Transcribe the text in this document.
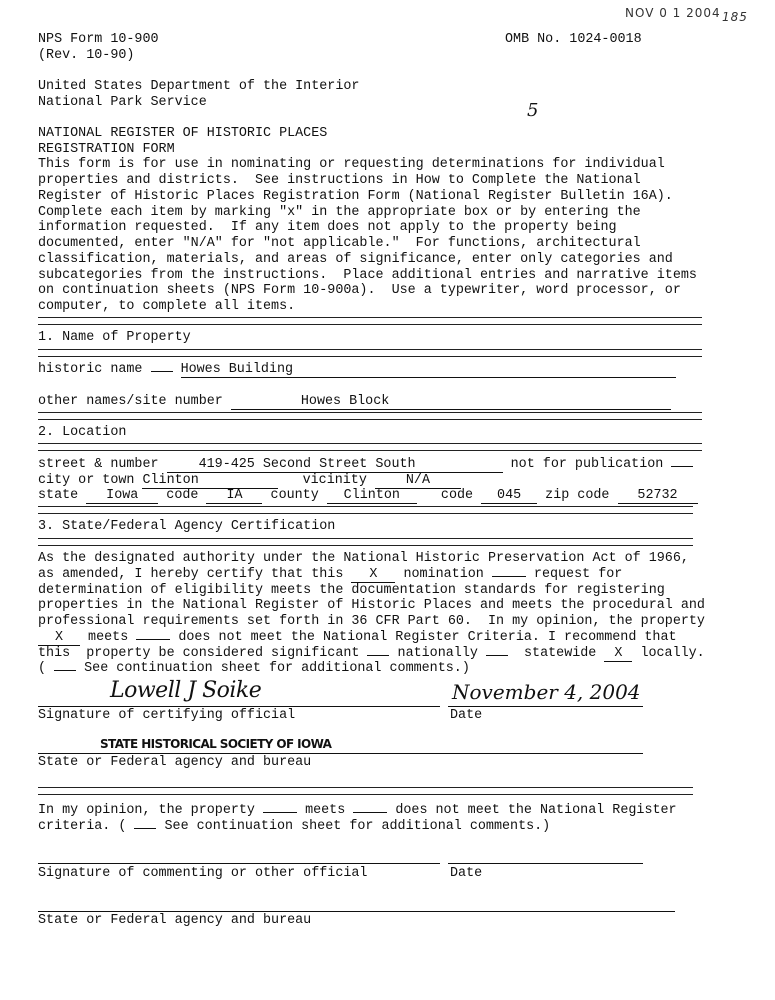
NPS Form 10-900
(Rev. 10-90)
OMB No. 1024-0018
NOV 0 1 2004 185
5
United States Department of the Interior
National Park Service
NATIONAL REGISTER OF HISTORIC PLACES
REGISTRATION FORM
This form is for use in nominating or requesting determinations for individual
properties and districts.  See instructions in How to Complete the National
Register of Historic Places Registration Form (National Register Bulletin 16A).
Complete each item by marking "x" in the appropriate box or by entering the
information requested.  If any item does not apply to the property being
documented, enter "N/A" for "not applicable."  For functions, architectural
classification, materials, and areas of significance, enter only categories and
subcategories from the instructions.  Place additional entries and narrative items
on continuation sheets (NPS Form 10-900a).  Use a typewriter, word processor, or
computer, to complete all items.
1. Name of Property
historic name	Howes Building
other names/site number	Howes Block
2. Location
street & number	419-425 Second Street South	not for publication
city or town Clinton	vicinity	N/A
state Iowa code IA county Clinton	code 045 zip code 52732
3. State/Federal Agency Certification
As the designated authority under the National Historic Preservation Act of 1966,
as amended, I hereby certify that this X nomination	request for
determination of eligibility meets the documentation standards for registering
properties in the National Register of Historic Places and meets the procedural and
professional requirements set forth in 36 CFR Part 60.  In my opinion, the property
X meets	does not meet the National Register Criteria. I recommend that
this  property be considered significant	nationally	statewide X locally.
(	See continuation sheet for additional comments.)
Lowell J Soike	November 4, 2004
Signature of certifying official	Date
STATE HISTORICAL SOCIETY OF IOWA
State or Federal agency and bureau
In my opinion, the property	meets	does not meet the National Register
criteria. (	See continuation sheet for additional comments.)
Signature of commenting or other official	Date
State or Federal agency and bureau
